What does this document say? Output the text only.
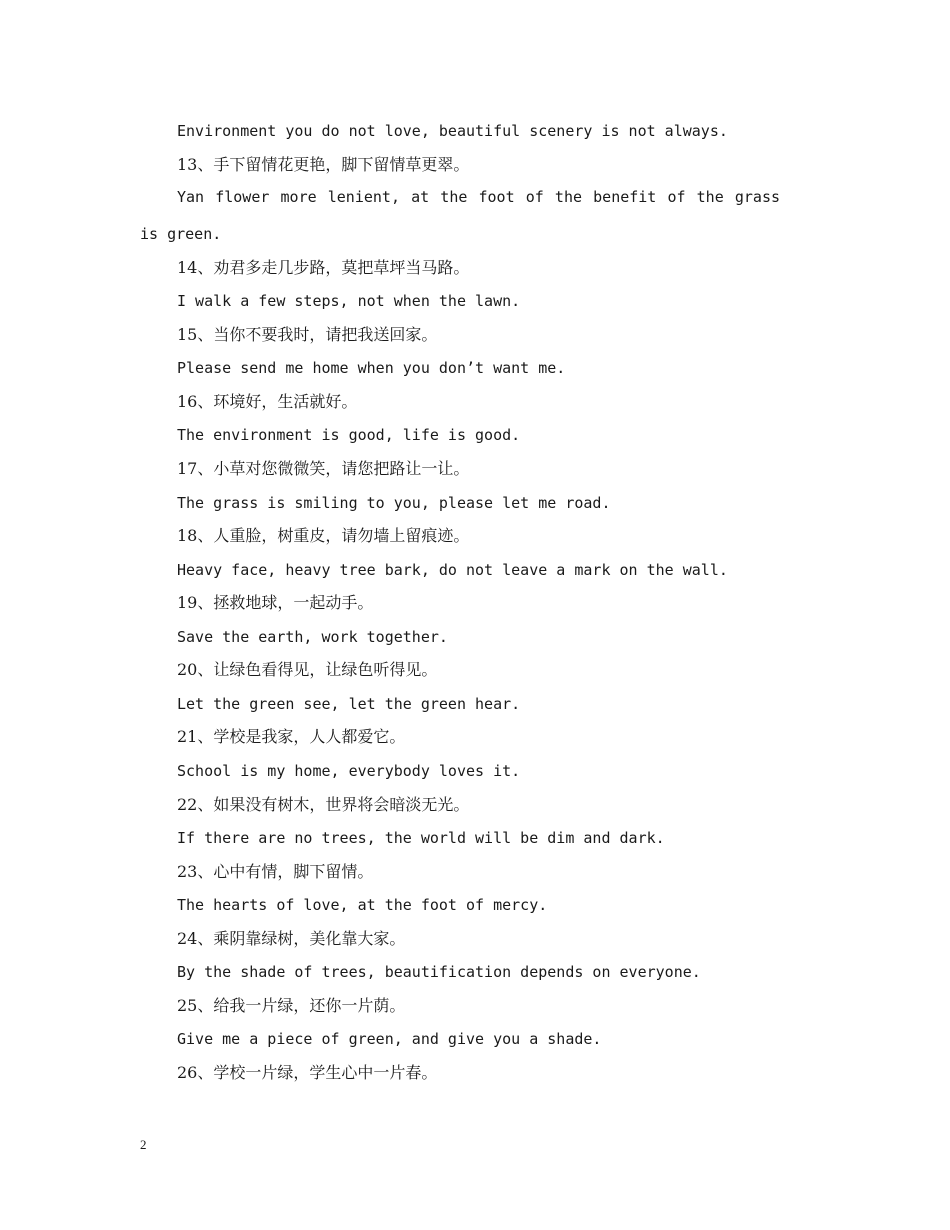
Environment you do not love, beautiful scenery is not always.

13、手下留情花更艳，脚下留情草更翠。

Yan flower more lenient, at the foot of the benefit of the grass is green.

14、劝君多走几步路，莫把草坪当马路。

I walk a few steps, not when the lawn.

15、当你不要我时，请把我送回家。

Please send me home when you don’t want me.

16、环境好，生活就好。

The environment is good, life is good.

17、小草对您微微笑，请您把路让一让。

The grass is smiling to you, please let me road.

18、人重脸，树重皮，请勿墙上留痕迹。

Heavy face, heavy tree bark, do not leave a mark on the wall.

19、拯救地球，一起动手。

Save the earth, work together.

20、让绿色看得见，让绿色听得见。

Let the green see, let the green hear.

21、学校是我家，人人都爱它。

School is my home, everybody loves it.

22、如果没有树木，世界将会暗淡无光。

If there are no trees, the world will be dim and dark.

23、心中有情，脚下留情。

The hearts of love, at the foot of mercy.

24、乘阴靠绿树，美化靠大家。

By the shade of trees, beautification depends on everyone.

25、给我一片绿，还你一片荫。

Give me a piece of green, and give you a shade.

26、学校一片绿，学生心中一片春。

2
